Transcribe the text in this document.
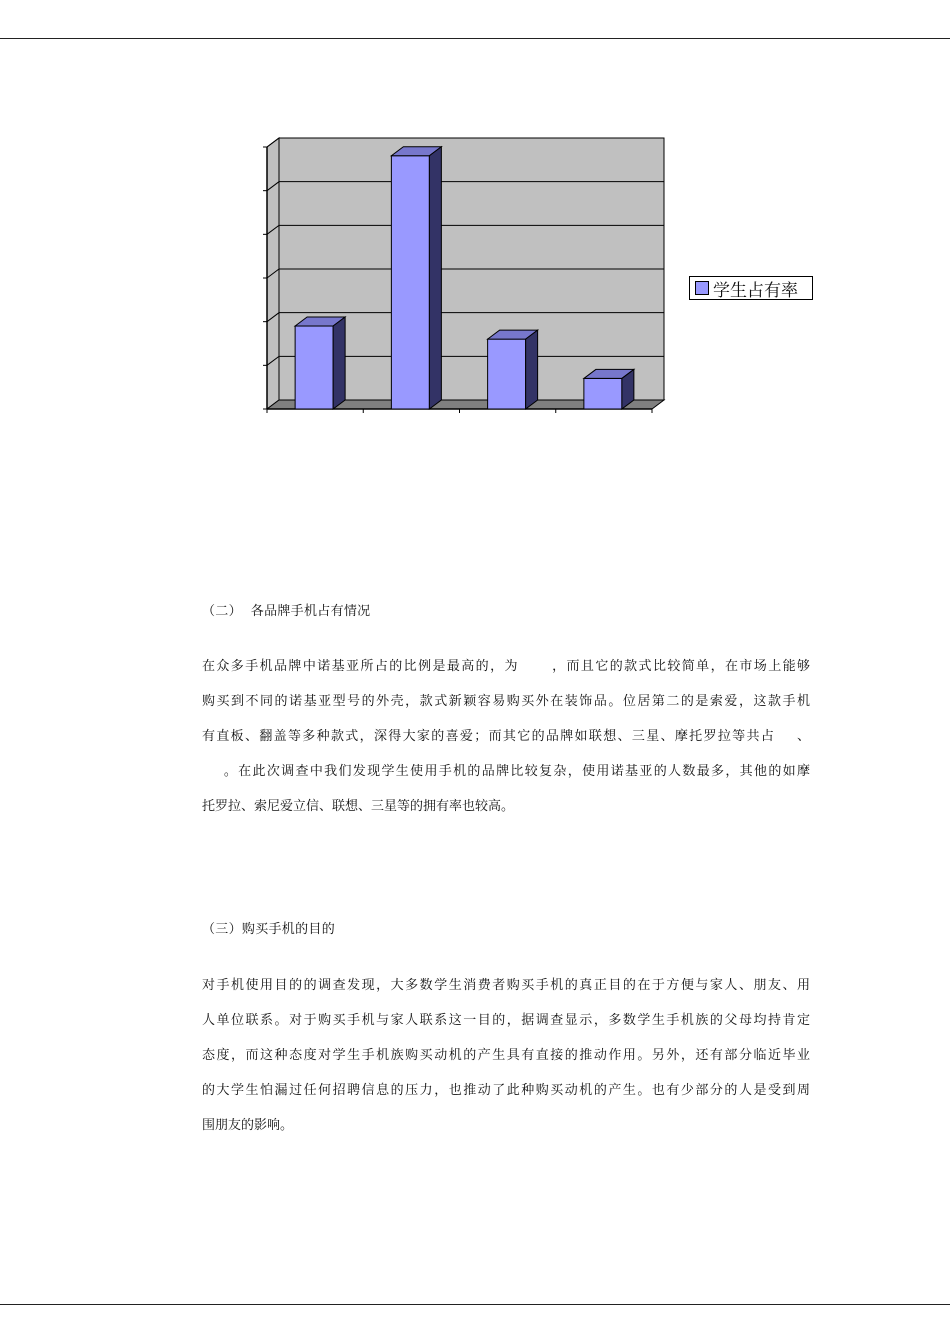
学生占有率
（二）  各品牌手机占有情况
在众多手机品牌中诺基亚所占的比例是最高的，为      ，而且它的款式比较简单，在市场上能够
购买到不同的诺基亚型号的外壳，款式新颖容易购买外在装饰品。位居第二的是索爱，这款手机
有直板、翻盖等多种款式，深得大家的喜爱；而其它的品牌如联想、三星、摩托罗拉等共占    、
。在此次调查中我们发现学生使用手机的品牌比较复杂，使用诺基亚的人数最多，其他的如摩
托罗拉、索尼爱立信、联想、三星等的拥有率也较高。
（三）购买手机的目的
对手机使用目的的调查发现，大多数学生消费者购买手机的真正目的在于方便与家人、朋友、用
人单位联系。对于购买手机与家人联系这一目的，据调查显示，多数学生手机族的父母均持肯定
态度，而这种态度对学生手机族购买动机的产生具有直接的推动作用。另外，还有部分临近毕业
的大学生怕漏过任何招聘信息的压力，也推动了此种购买动机的产生。也有少部分的人是受到周
围朋友的影响。
